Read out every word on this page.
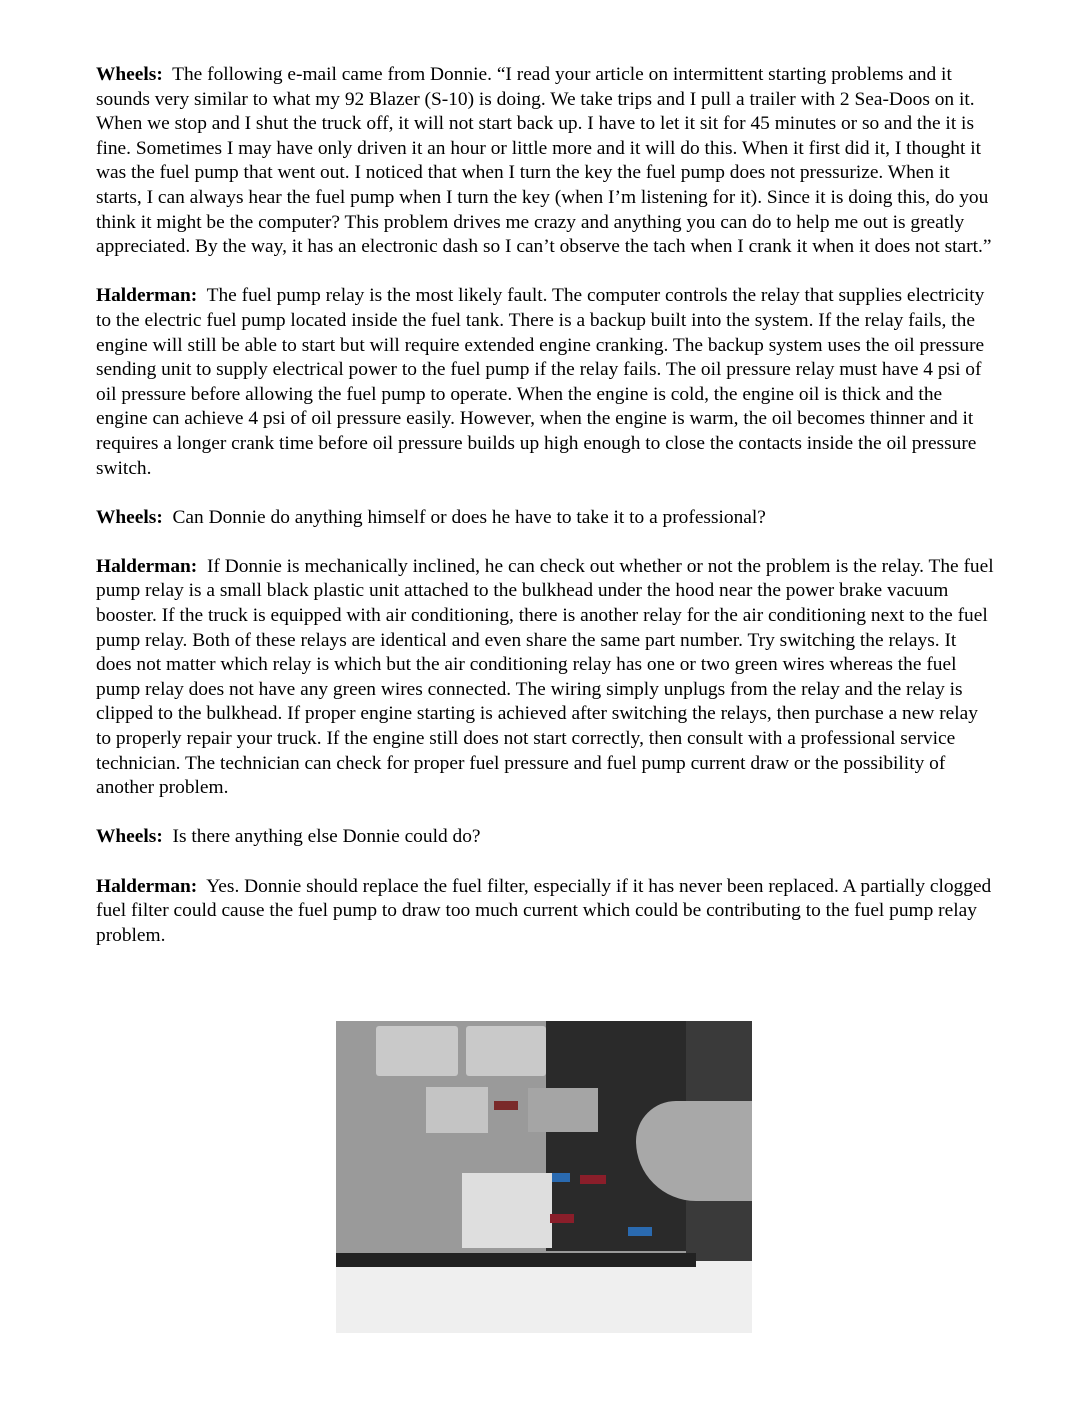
Wheels: The following e-mail came from Donnie. “I read your article on intermittent starting problems and it sounds very similar to what my 92 Blazer (S-10) is doing. We take trips and I pull a trailer with 2 Sea-Doos on it. When we stop and I shut the truck off, it will not start back up. I have to let it sit for 45 minutes or so and the it is fine. Sometimes I may have only driven it an hour or little more and it will do this. When it first did it, I thought it was the fuel pump that went out. I noticed that when I turn the key the fuel pump does not pressurize. When it starts, I can always hear the fuel pump when I turn the key (when I’m listening for it). Since it is doing this, do you think it might be the computer? This problem drives me crazy and anything you can do to help me out is greatly appreciated. By the way, it has an electronic dash so I can’t observe the tach when I crank it when it does not start.”

Halderman: The fuel pump relay is the most likely fault. The computer controls the relay that supplies electricity to the electric fuel pump located inside the fuel tank. There is a backup built into the system. If the relay fails, the engine will still be able to start but will require extended engine cranking. The backup system uses the oil pressure sending unit to supply electrical power to the fuel pump if the relay fails. The oil pressure relay must have 4 psi of oil pressure before allowing the fuel pump to operate. When the engine is cold, the engine oil is thick and the engine can achieve 4 psi of oil pressure easily. However, when the engine is warm, the oil becomes thinner and it requires a longer crank time before oil pressure builds up high enough to close the contacts inside the oil pressure switch.

Wheels: Can Donnie do anything himself or does he have to take it to a professional?

Halderman: If Donnie is mechanically inclined, he can check out whether or not the problem is the relay. The fuel pump relay is a small black plastic unit attached to the bulkhead under the hood near the power brake vacuum booster. If the truck is equipped with air conditioning, there is another relay for the air conditioning next to the fuel pump relay. Both of these relays are identical and even share the same part number. Try switching the relays. It does not matter which relay is which but the air conditioning relay has one or two green wires whereas the fuel pump relay does not have any green wires connected. The wiring simply unplugs from the relay and the relay is clipped to the bulkhead. If proper engine starting is achieved after switching the relays, then purchase a new relay to properly repair your truck. If the engine still does not start correctly, then consult with a professional service technician. The technician can check for proper fuel pressure and fuel pump current draw or the possibility of another problem.

Wheels: Is there anything else Donnie could do?

Halderman: Yes. Donnie should replace the fuel filter, especially if it has never been replaced. A partially clogged fuel filter could cause the fuel pump to draw too much current which could be contributing to the fuel pump relay problem.
